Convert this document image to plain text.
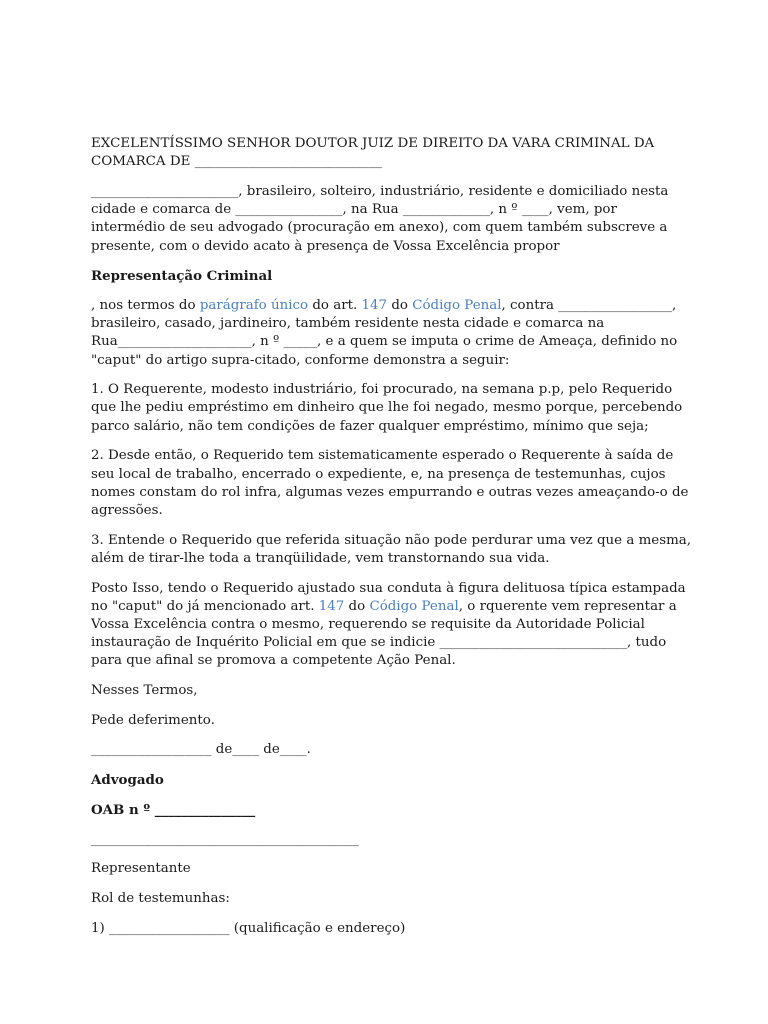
EXCELENTÍSSIMO SENHOR DOUTOR JUIZ DE DIREITO DA VARA CRIMINAL DA COMARCA DE ____________________________

______________________, brasileiro, solteiro, industriário, residente e domiciliado nesta cidade e comarca de ________________, na Rua _____________, n º ____, vem, por intermédio de seu advogado (procuração em anexo), com quem também subscreve a presente, com o devido acato à presença de Vossa Excelência propor

Representação Criminal

, nos termos do parágrafo único do art. 147 do Código Penal, contra _________________, brasileiro, casado, jardineiro, também residente nesta cidade e comarca na Rua____________________, n º _____, e a quem se imputa o crime de Ameaça, definido no "caput" do artigo supra-citado, conforme demonstra a seguir:

1. O Requerente, modesto industriário, foi procurado, na semana p.p, pelo Requerido que lhe pediu empréstimo em dinheiro que lhe foi negado, mesmo porque, percebendo parco salário, não tem condições de fazer qualquer empréstimo, mínimo que seja;

2. Desde então, o Requerido tem sistematicamente esperado o Requerente à saída de seu local de trabalho, encerrado o expediente, e, na presença de testemunhas, cujos nomes constam do rol infra, algumas vezes empurrando e outras vezes ameaçando-o de agressões.

3. Entende o Requerido que referida situação não pode perdurar uma vez que a mesma, além de tirar-lhe toda a tranqüilidade, vem transtornando sua vida.

Posto Isso, tendo o Requerido ajustado sua conduta à figura delituosa típica estampada no "caput" do já mencionado art. 147 do Código Penal, o rquerente vem representar a Vossa Excelência contra o mesmo, requerendo se requisite da Autoridade Policial instauração de Inquérito Policial em que se indicie ____________________________, tudo para que afinal se promova a competente Ação Penal.

Nesses Termos,

Pede deferimento.

__________________ de____ de____.

Advogado

OAB n º _______________

________________________________________

Representante

Rol de testemunhas:

1) __________________ (qualificação e endereço)
